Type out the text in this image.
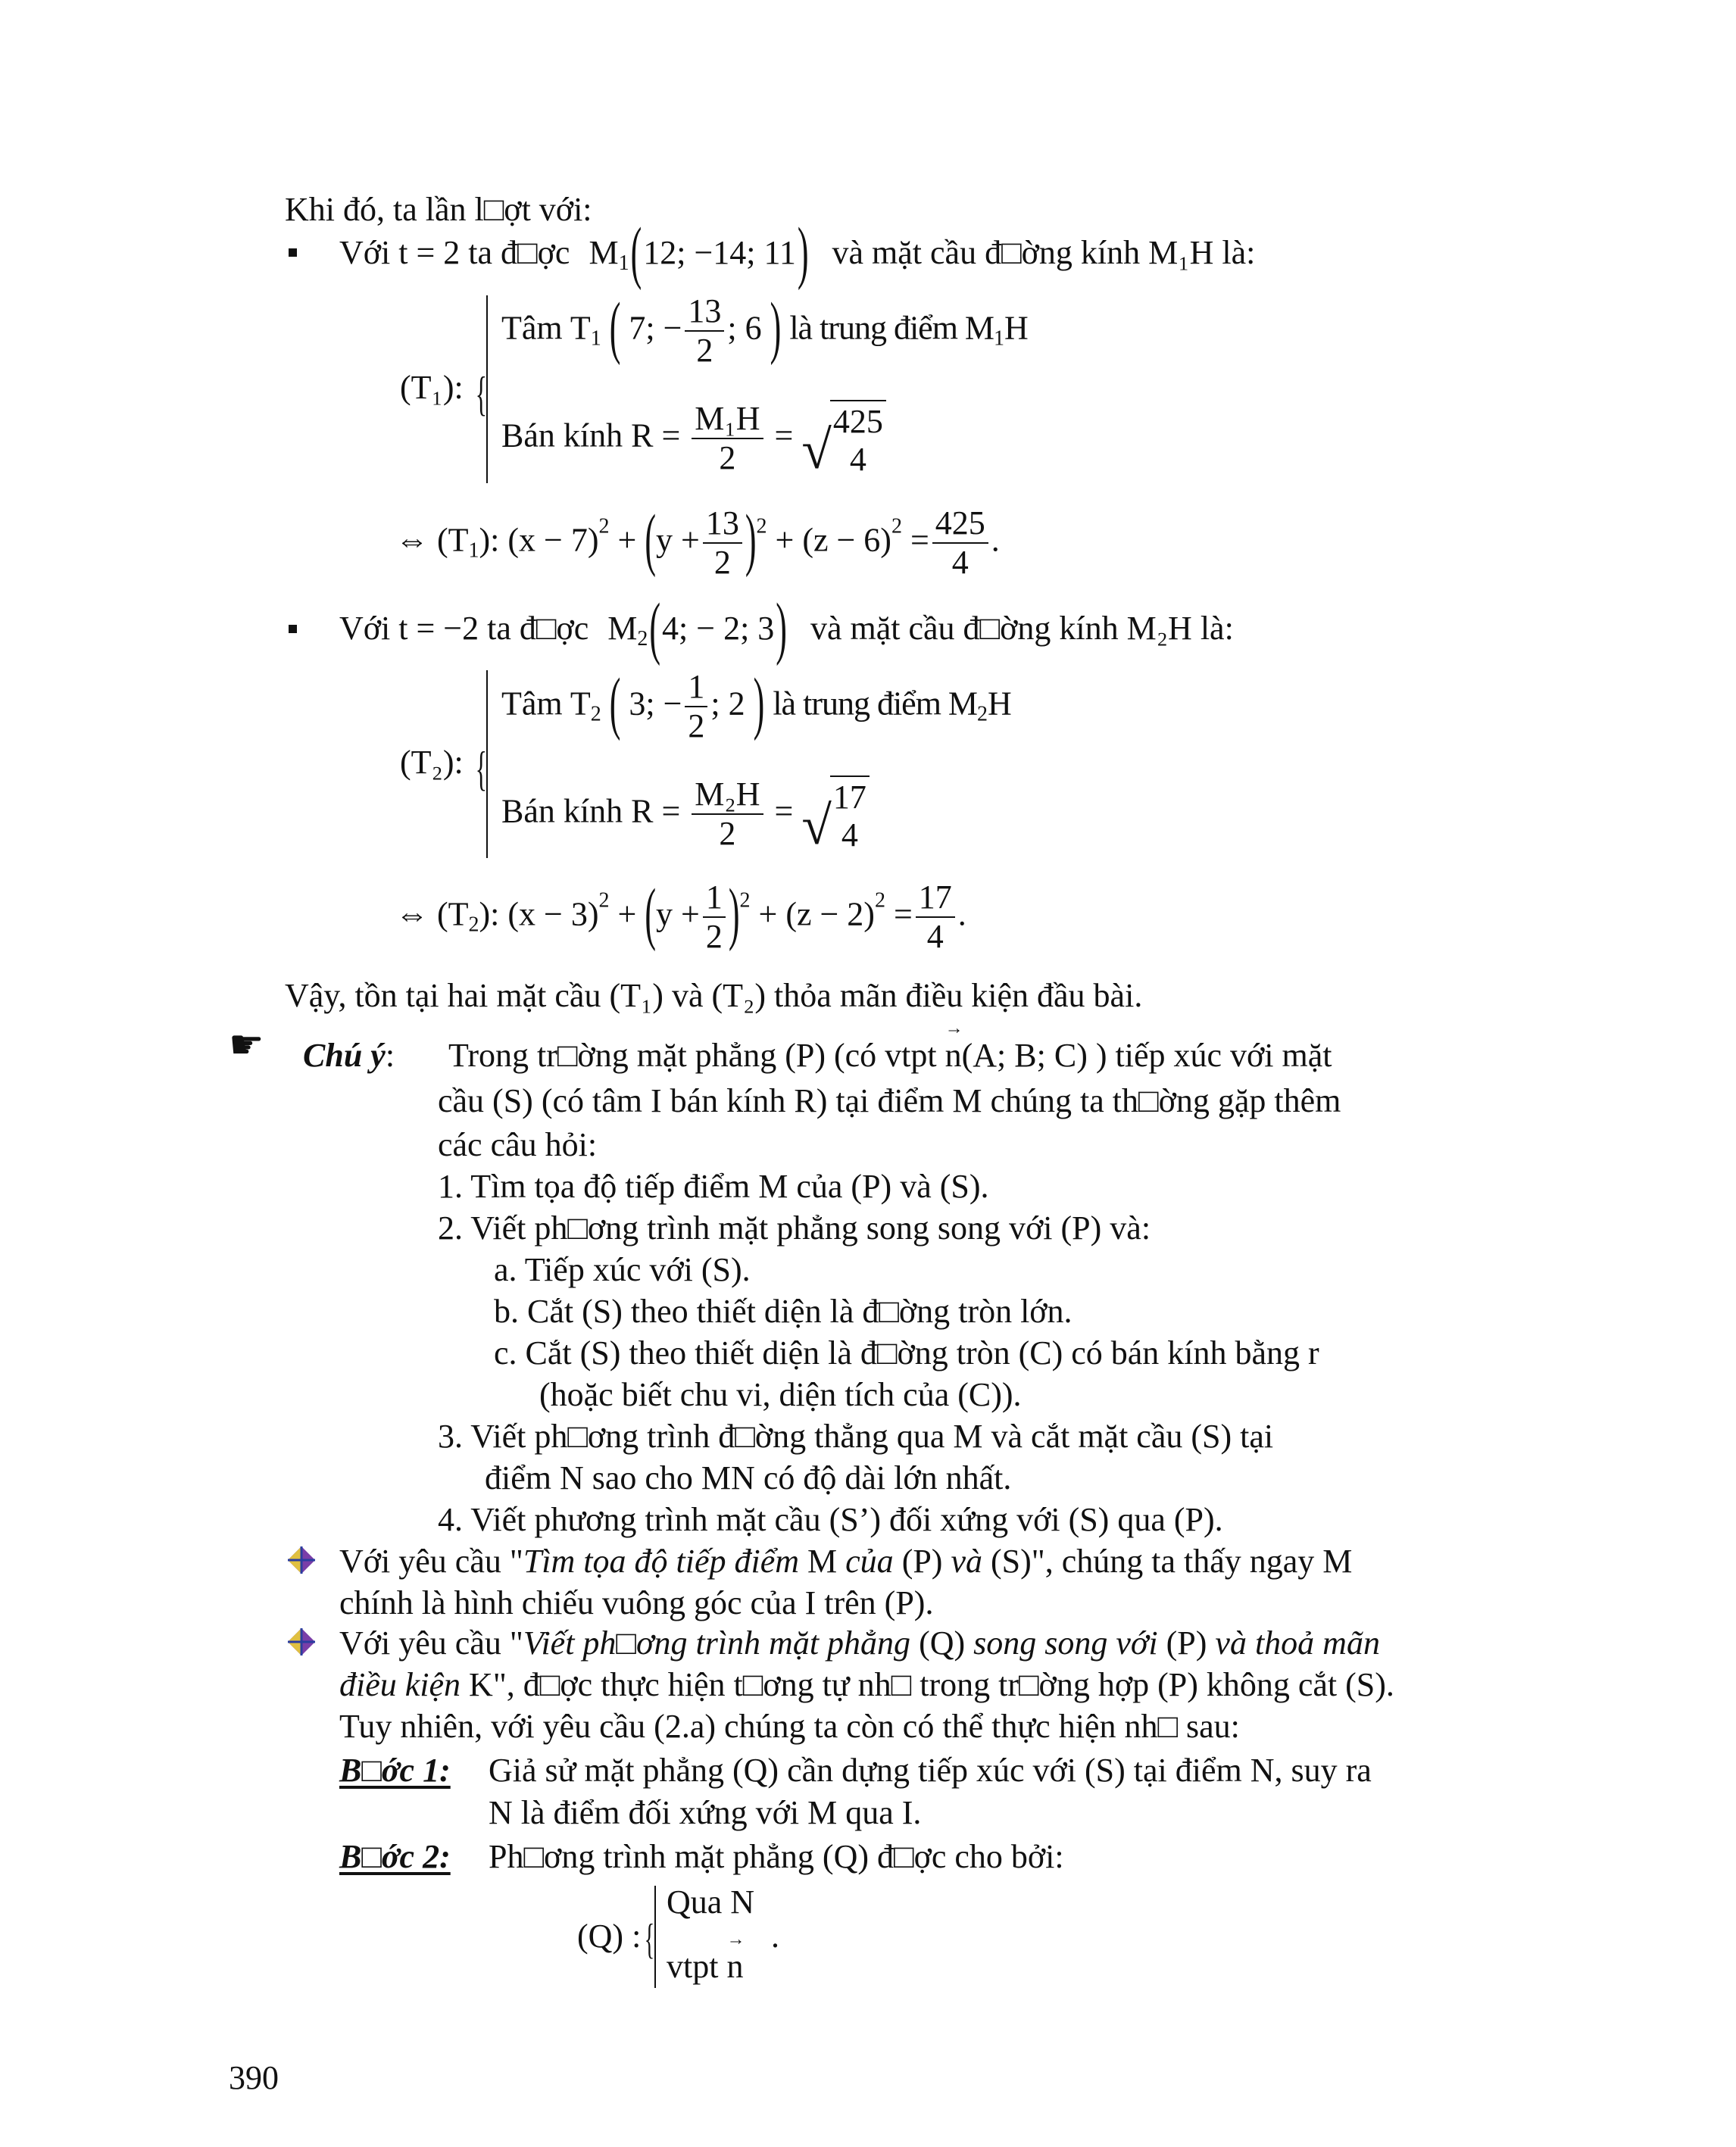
Khi đó, ta lần l□ợt với:
Với t = 2 ta đ□ợc $M_1(12$; −14; 11) và mặt cầu đ□ờng kính M₁H là:
(T₁): {
Tâm $T_1$ ( 7; − $\frac{13}{2}$ ; 6 ) là trung điểm $M_1H$
Bán kính $R = \frac{\text{M₁H}}{2}$ = √ 425
4
⇔ $(T_1)$: $(x - 7)^2 + (y + \frac{13}{2} )^2 + (z - 6)^2 = \frac{425}{4}$ .
Với t = −2 ta đ□ợc $M_2(4$; − 2; 3) và mặt cầu đ□ờng kính M₂H là:
(T₂): {
Tâm $T_2$ ( 3; − $\frac{1}{2}$ ; 2 ) là trung điểm $M_2H$
Bán kính $R = \frac{\text{M₂H}}{2}$ = √ 17
4
⇔ $(T_2)$: $(x - 3)^2 + (y + \frac{1}{2} )^2 + (z - 2)^2 = \frac{17}{4}$ .
Vậy, tồn tại hai mặt cầu (T₁) và (T₂) thỏa mãn điều kiện đầu bài.
☛ Chú ý: Trong tr□ờng mặt phẳng (P) (có vtpt → n(A; B; C) ) tiếp xúc với mặt
cầu (S) (có tâm I bán kính R) tại điểm M chúng ta th□ờng gặp thêm
các câu hỏi:
1. Tìm tọa độ tiếp điểm M của (P) và (S).
2. Viết ph□ơng trình mặt phẳng song song với (P) và:
a. Tiếp xúc với (S).
b. Cắt (S) theo thiết diện là đ□ờng tròn lớn.
c. Cắt (S) theo thiết diện là đ□ờng tròn (C) có bán kính bằng r
(hoặc biết chu vi, diện tích của (C)).
3. Viết ph□ơng trình đ□ờng thẳng qua M và cắt mặt cầu (S) tại
điểm N sao cho MN có độ dài lớn nhất.
4. Viết phương trình mặt cầu (S’) đối xứng với (S) qua (P).
Với yêu cầu "Tìm tọa độ tiếp điểm M của (P) và (S)", chúng ta thấy ngay M
chính là hình chiếu vuông góc của I trên (P).
Với yêu cầu "Viết ph□ơng trình mặt phẳng (Q) song song với (P) và thoả mãn
điều kiện K", đ□ợc thực hiện t□ơng tự nh□ trong tr□ờng hợp (P) không cắt (S).
Tuy nhiên, với yêu cầu (2.a) chúng ta còn có thể thực hiện nh□ sau:
B□ớc 1: Giả sử mặt phẳng (Q) cần dựng tiếp xúc với (S) tại điểm N, suy ra
N là điểm đối xứng với M qua I.
B□ớc 2: Ph□ơng trình mặt phẳng (Q) đ□ợc cho bởi:
(Q) : {
Qua N
vtpt → n
.
390
